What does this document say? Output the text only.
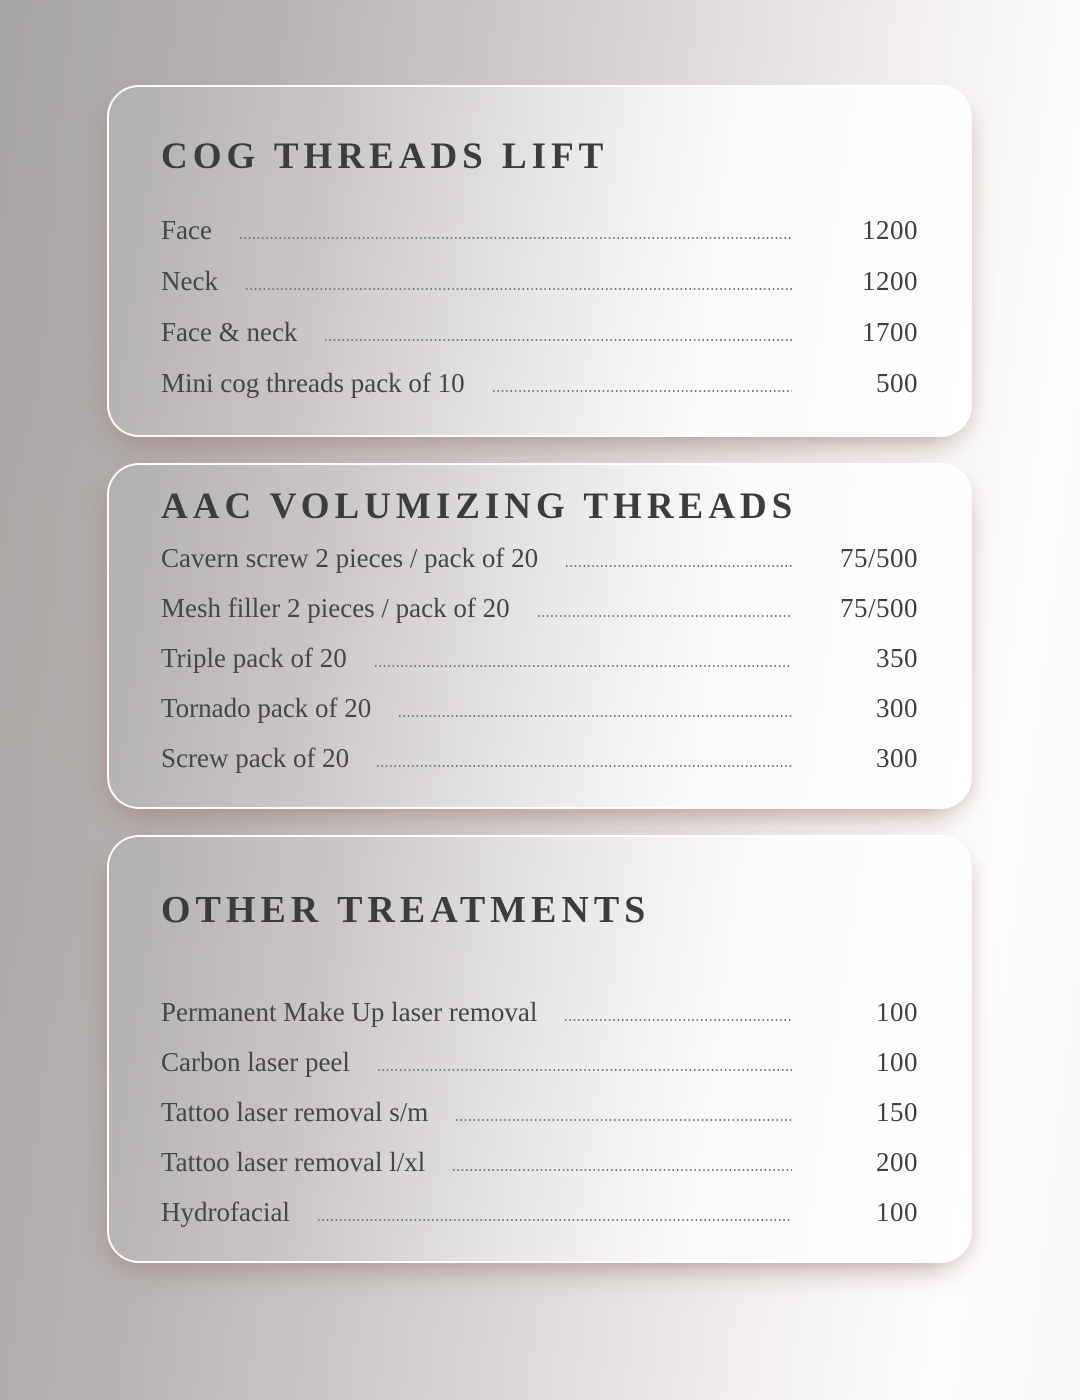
COG THREADS LIFT
Face	1200
Neck	1200
Face & neck	1700
Mini cog threads pack of 10	500
AAC VOLUMIZING THREADS
Cavern screw 2 pieces / pack of 20	75/500
Mesh filler 2 pieces / pack of 20	75/500
Triple pack of 20	350
Tornado pack of 20	300
Screw pack of 20	300
OTHER TREATMENTS
Permanent Make Up laser removal	100
Carbon laser peel	100
Tattoo laser removal s/m	150
Tattoo laser removal l/xl	200
Hydrofacial	100
